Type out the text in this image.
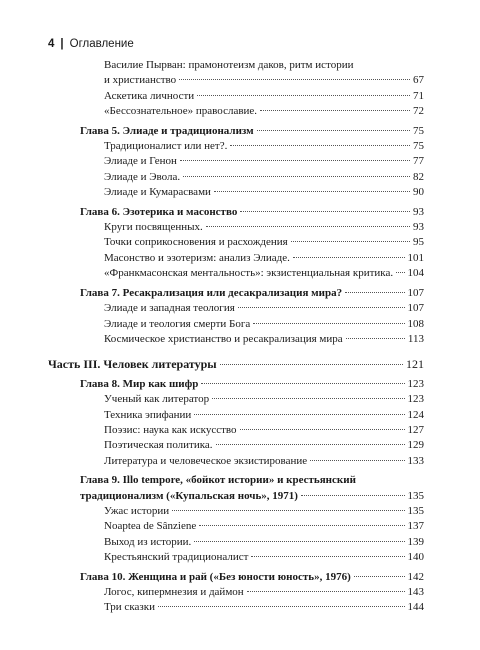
4 | Оглавление
Василие Пырван: прамонотеизм даков, ритм истории
и христианство	67
Аскетика личности	71
«Бессознательное» православие.	72
Глава 5. Элиаде и традиционализм	75
Традиционалист или нет?.	75
Элиаде и Генон	77
Элиаде и Эвола.	82
Элиаде и Кумарасвами	90
Глава 6. Эзотерика и масонство	93
Круги посвященных.	93
Точки соприкосновения и расхождения	95
Масонство и эзотеризм: анализ Элиаде.	101
«Франкмасонская ментальность»: экзистенциальная критика. 104
Глава 7. Ресакрализация или десакрализация мира?	107
Элиаде и западная теология	107
Элиаде и теология смерти Бога	108
Космическое христианство и ресакрализация мира	113
Часть III. Человек литературы	121
Глава 8. Мир как шифр	123
Ученый как литератор	123
Техника эпифании	124
Поэзис: наука как искусство	127
Поэтическая политика.	129
Литература и человеческое экзистирование	133
Глава 9. Illo tempore, «бойкот истории» и крестьянский
традиционализм («Купальская ночь», 1971)	135
Ужас истории	135
Noaptea de Sânziene	137
Выход из истории.	139
Крестьянский традиционалист	140
Глава 10. Женщина и рай («Без юности юность», 1976)	142
Логос, кипермнезия и даймон	143
Три сказки	144
